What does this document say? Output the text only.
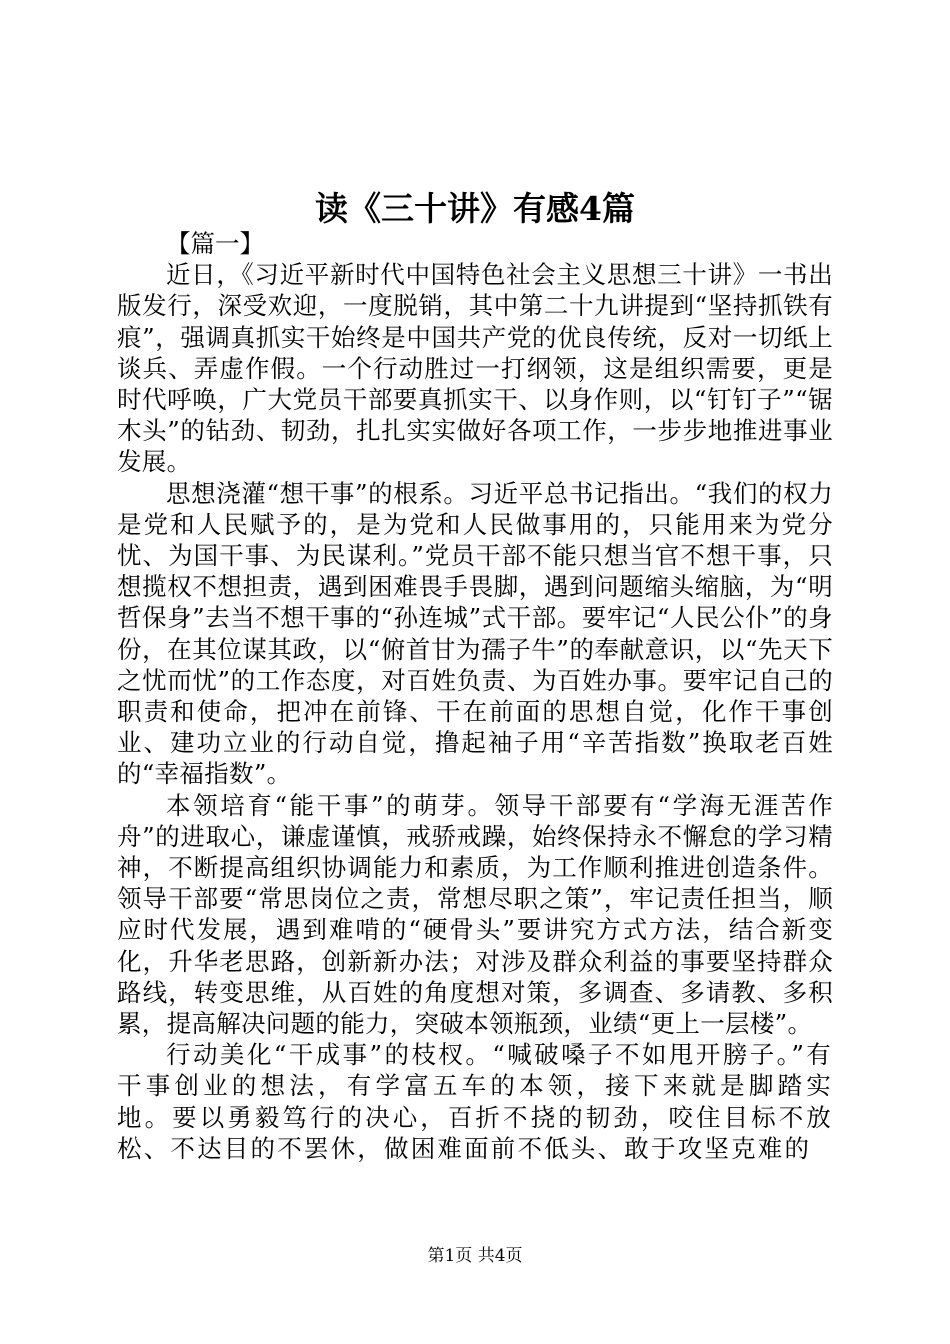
读《三十讲》有感4篇

【篇一】

近日，《习近平新时代中国特色社会主义思想三十讲》一书出版发行，深受欢迎，一度脱销，其中第二十九讲提到“坚持抓铁有痕”，强调真抓实干始终是中国共产党的优良传统，反对一切纸上谈兵、弄虚作假。一个行动胜过一打纲领，这是组织需要，更是时代呼唤，广大党员干部要真抓实干、以身作则，以“钉钉子”“锯木头”的钻劲、韧劲，扎扎实实做好各项工作，一步步地推进事业发展。

思想浇灌“想干事”的根系。习近平总书记指出。“我们的权力是党和人民赋予的，是为党和人民做事用的，只能用来为党分忧、为国干事、为民谋利。”党员干部不能只想当官不想干事，只想揽权不想担责，遇到困难畏手畏脚，遇到问题缩头缩脑，为“明哲保身”去当不想干事的“孙连城”式干部。要牢记“人民公仆”的身份，在其位谋其政，以“俯首甘为孺子牛”的奉献意识，以“先天下之忧而忧”的工作态度，对百姓负责、为百姓办事。要牢记自己的职责和使命，把冲在前锋、干在前面的思想自觉，化作干事创业、建功立业的行动自觉，撸起袖子用“辛苦指数”换取老百姓的“幸福指数”。

本领培育“能干事”的萌芽。领导干部要有“学海无涯苦作舟”的进取心，谦虚谨慎，戒骄戒躁，始终保持永不懈怠的学习精神，不断提高组织协调能力和素质，为工作顺利推进创造条件。领导干部要“常思岗位之责，常想尽职之策”，牢记责任担当，顺应时代发展，遇到难啃的“硬骨头”要讲究方式方法，结合新变化，升华老思路，创新新办法；对涉及群众利益的事要坚持群众路线，转变思维，从百姓的角度想对策，多调查、多请教、多积累，提高解决问题的能力，突破本领瓶颈，业绩“更上一层楼”。

行动美化“干成事”的枝杈。“喊破嗓子不如甩开膀子。”有干事创业的想法，有学富五车的本领，接下来就是脚踏实地。要以勇毅笃行的决心，百折不挠的韧劲，咬住目标不放松、不达目的不罢休，做困难面前不低头、敢于攻坚克难的

第1页 共4页
